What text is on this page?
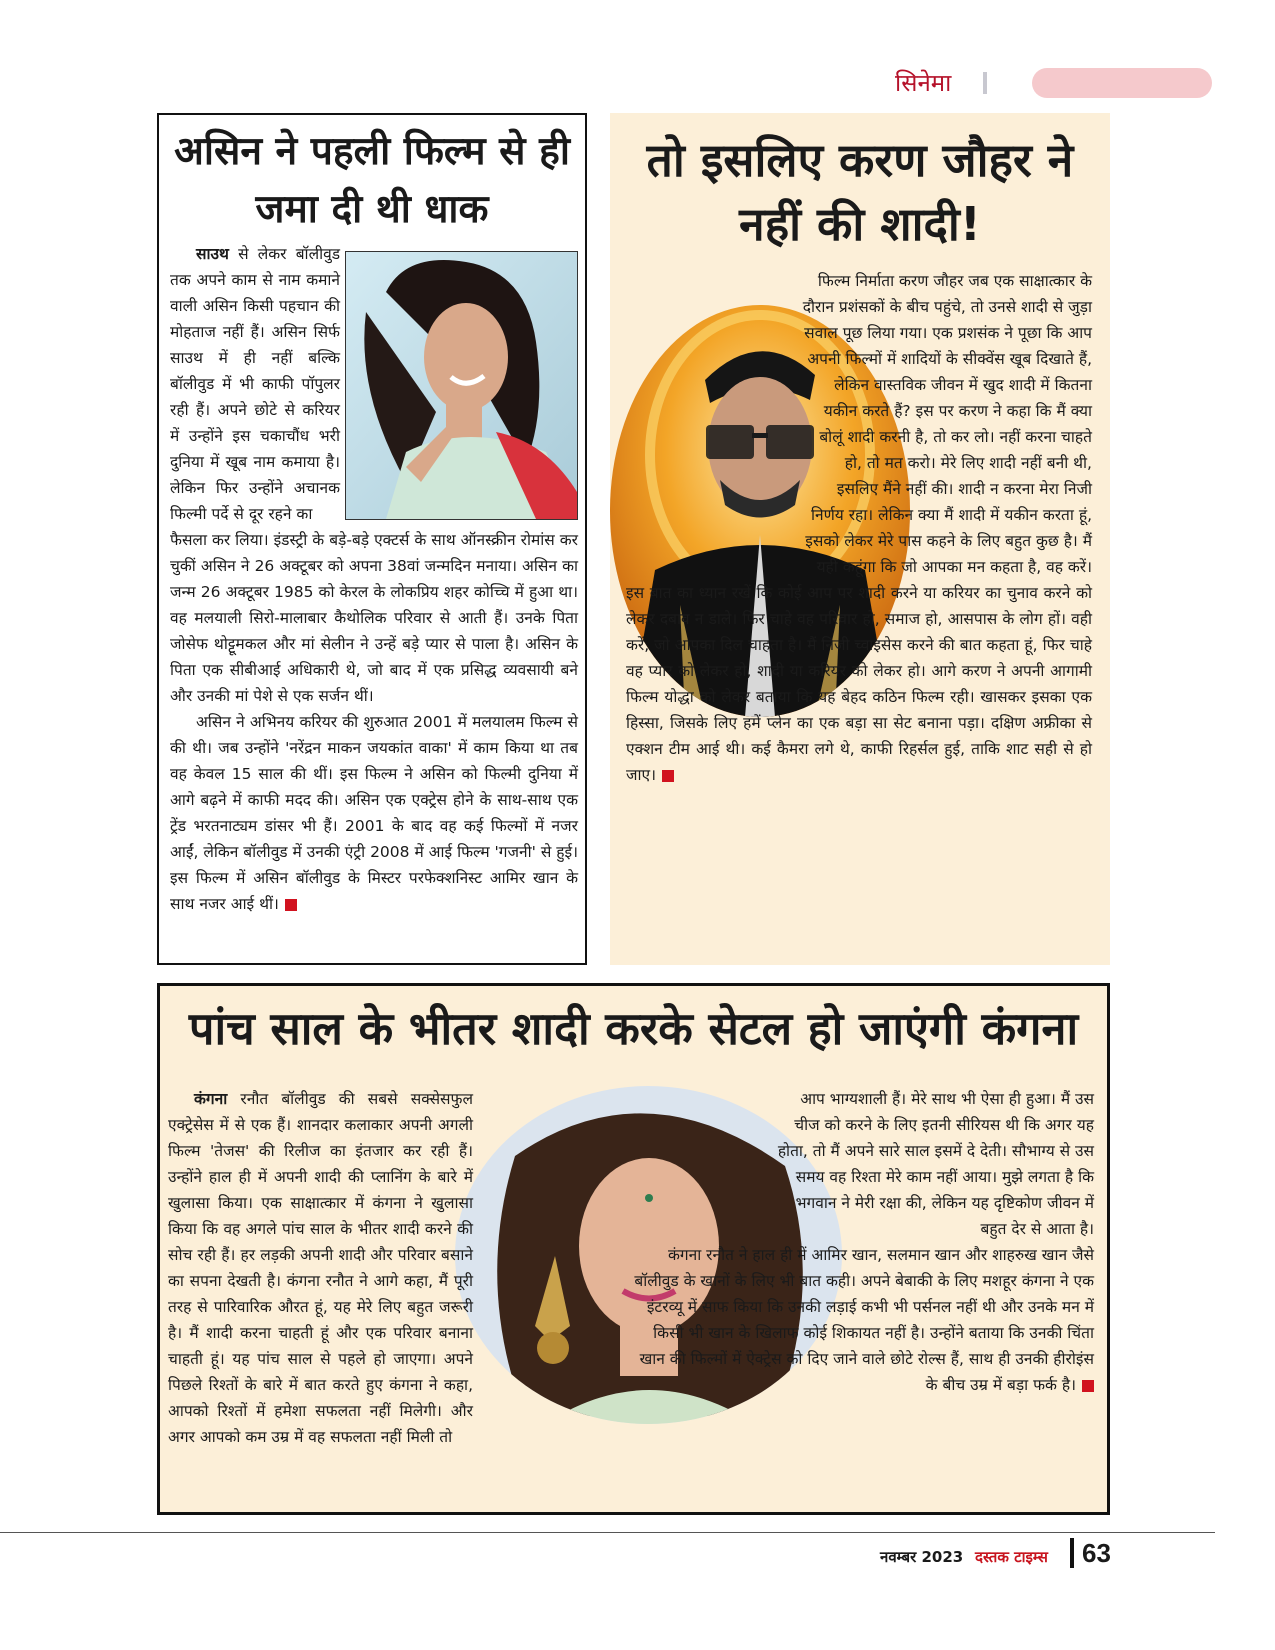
सिनेमा
असिन ने पहली फिल्म से ही जमा दी थी धाक

साउथ से लेकर बॉलीवुड तक अपने काम से नाम कमाने वाली असिन किसी पहचान की मोहताज नहीं हैं। असिन सिर्फ साउथ में ही नहीं बल्कि बॉलीवुड में भी काफी पॉपुलर रही हैं। अपने छोटे से करियर में उन्होंने इस चकाचौंध भरी दुनिया में खूब नाम कमाया है। लेकिन फिर उन्होंने अचानक फिल्मी पर्दे से दूर रहने का

फैसला कर लिया। इंडस्ट्री के बड़े-बड़े एक्टर्स के साथ ऑनस्क्रीन रोमांस कर चुकीं असिन ने 26 अक्टूबर को अपना 38वां जन्मदिन मनाया। असिन का जन्म 26 अक्टूबर 1985 को केरल के लोकप्रिय शहर कोच्चि में हुआ था। वह मलयाली सिरो-मालाबार कैथोलिक परिवार से आती हैं। उनके पिता जोसेफ थोट्टूमकल और मां सेलीन ने उन्हें बड़े प्यार से पाला है। असिन के पिता एक सीबीआई अधिकारी थे, जो बाद में एक प्रसिद्ध व्यवसायी बने और उनकी मां पेशे से एक सर्जन थीं।

असिन ने अभिनय करियर की शुरुआत 2001 में मलयालम फिल्म से की थी। जब उन्होंने 'नरेंद्रन माकन जयकांत वाका' में काम किया था तब वह केवल 15 साल की थीं। इस फिल्म ने असिन को फिल्मी दुनिया में आगे बढ़ने में काफी मदद की। असिन एक एक्ट्रेस होने के साथ-साथ एक ट्रेंड भरतनाट्यम डांसर भी हैं। 2001 के बाद वह कई फिल्मों में नजर आईं, लेकिन बॉलीवुड में उनकी एंट्री 2008 में आई फिल्म 'गजनी' से हुई। इस फिल्म में असिन बॉलीवुड के मिस्टर परफेक्शनिस्ट आमिर खान के साथ नजर आई थीं।

तो इसलिए करण जौहर ने नहीं की शादी!

फिल्म निर्माता करण जौहर जब एक साक्षात्कार के दौरान प्रशंसकों के बीच पहुंचे, तो उनसे शादी से जुड़ा सवाल पूछ लिया गया। एक प्रशसंक ने पूछा कि आप अपनी फिल्मों में शादियों के सीक्वेंस खूब दिखाते हैं, लेकिन वास्तविक जीवन में खुद शादी में कितना यकीन करते हैं? इस पर करण ने कहा कि मैं क्या बोलूं शादी करनी है, तो कर लो। नहीं करना चाहते हो, तो मत करो। मेरे लिए शादी नहीं बनी थी, इसलिए मैंने नहीं की। शादी न करना मेरा निजी निर्णय रहा। लेकिन क्या मैं शादी में यकीन करता हूं, इसको लेकर मेरे पास कहने के लिए बहुत कुछ है। मैं यही कहूंगा कि जो आपका मन कहता है, वह करें।

इस बात का ध्यान रखें कि कोई आप पर शादी करने या करियर का चुनाव करने को लेकर दबाव न डाले। फिर चाहे वह परिवार हो, समाज हो, आसपास के लोग हों। वही करें, जो आपका दिल चाहता है। मैं निजी च्वाइसेस करने की बात कहता हूं, फिर चाहे वह प्यार को लेकर हो, शादी या करियर को लेकर हो। आगे करण ने अपनी आगामी फिल्म योद्धा को लेकर बताया कि यह बेहद कठिन फिल्म रही। खासकर इसका एक हिस्सा, जिसके लिए हमें प्लेन का एक बड़ा सा सेट बनाना पड़ा। दक्षिण अफ्रीका से एक्शन टीम आई थी। कई कैमरा लगे थे, काफी रिहर्सल हुई, ताकि शाट सही से हो जाए।

पांच साल के भीतर शादी करके सेटल हो जाएंगी कंगना

कंगना रनौत बॉलीवुड की सबसे सक्सेसफुल एक्ट्रेसेस में से एक हैं। शानदार कलाकार अपनी अगली फिल्म 'तेजस' की रिलीज का इंतजार कर रही हैं। उन्होंने हाल ही में अपनी शादी की प्लानिंग के बारे में खुलासा किया। एक साक्षात्कार में कंगना ने खुलासा किया कि वह अगले पांच साल के भीतर शादी करने की सोच रही हैं। हर लड़की अपनी शादी और परिवार बसाने का सपना देखती है। कंगना रनौत ने आगे कहा, मैं पूरी तरह से पारिवारिक औरत हूं, यह मेरे लिए बहुत जरूरी है। मैं शादी करना चाहती हूं और एक परिवार बनाना चाहती हूं। यह पांच साल से पहले हो जाएगा। अपने पिछले रिश्तों के बारे में बात करते हुए कंगना ने कहा, आपको रिश्तों में हमेशा सफलता नहीं मिलेगी। और अगर आपको कम उम्र में वह सफलता नहीं मिली तो

आप भाग्यशाली हैं। मेरे साथ भी ऐसा ही हुआ। मैं उस चीज को करने के लिए इतनी सीरियस थी कि अगर यह होता, तो मैं अपने सारे साल इसमें दे देती। सौभाग्य से उस समय वह रिश्ता मेरे काम नहीं आया। मुझे लगता है कि भगवान ने मेरी रक्षा की, लेकिन यह दृष्टिकोण जीवन में बहुत देर से आता है।

कंगना रनौत ने हाल ही में आमिर खान, सलमान खान और शाहरुख खान जैसे बॉलीवुड के खानों के लिए भी बात कही। अपने बेबाकी के लिए मशहूर कंगना ने एक इंटरव्यू में साफ किया कि उनकी लड़ाई कभी भी पर्सनल नहीं थी और उनके मन में किसी भी खान के खिलाफ कोई शिकायत नहीं है। उन्होंने बताया कि उनकी चिंता खान की फिल्मों में ऐक्ट्रेस को दिए जाने वाले छोटे रोल्स हैं, साथ ही उनकी हीरोइंस के बीच उम्र में बड़ा फर्क है।

नवम्बर 2023 दस्तक टाइम्स 63
